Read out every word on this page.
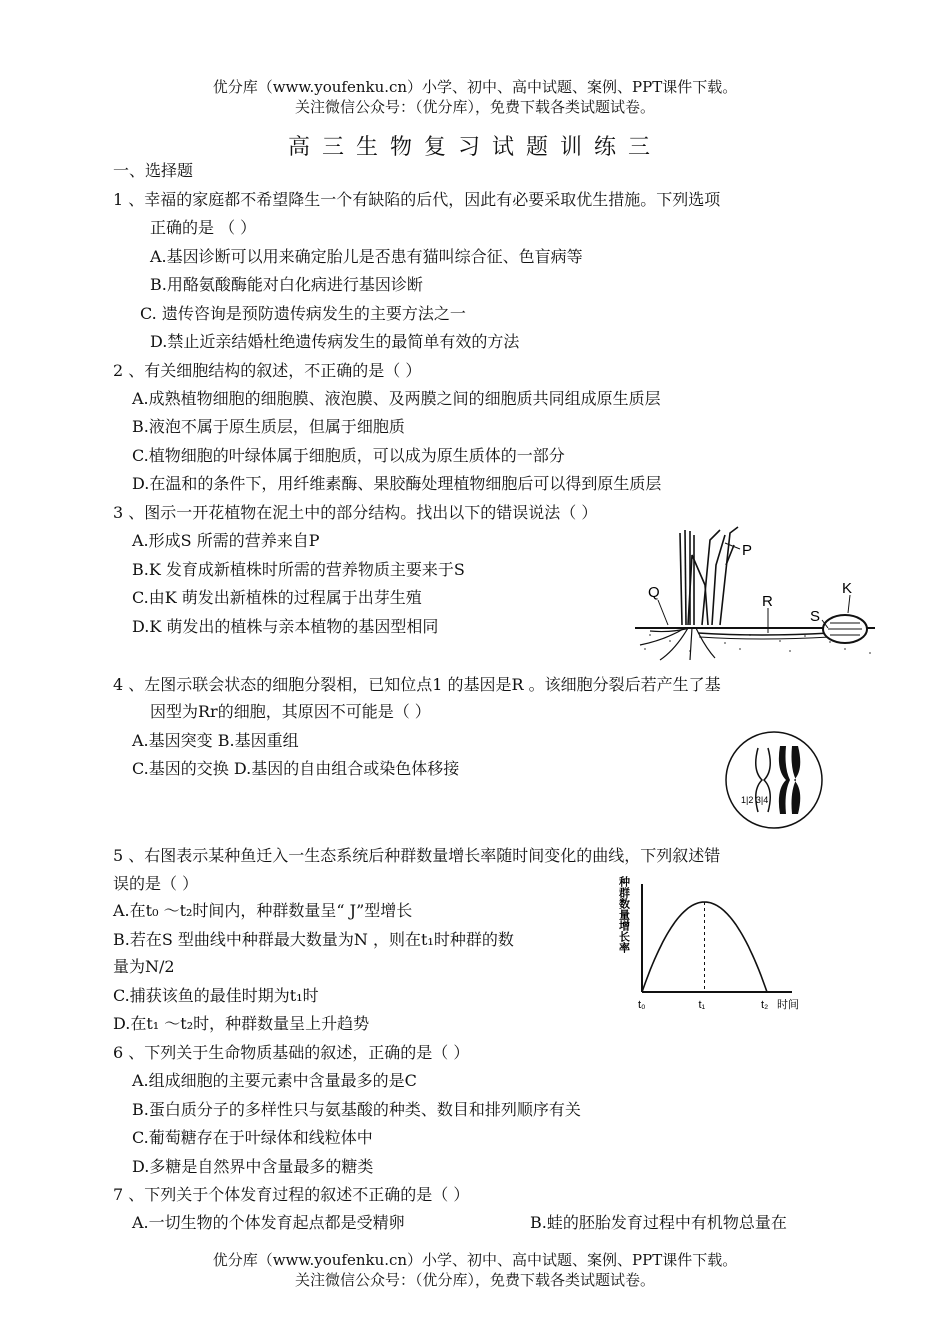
优分库（www.youfenku.cn）小学、初中、高中试题、案例、PPT课件下载。
关注微信公众号：（优分库），免费下载各类试题试卷。
高三生物复习试题训练三
一、选择题
1 、幸福的家庭都不希望降生一个有缺陷的后代，因此有必要采取优生措施。下列选项
正确的是 （ ）
A.基因诊断可以用来确定胎儿是否患有猫叫综合征、色盲病等
B.用酪氨酸酶能对白化病进行基因诊断
C. 遗传咨询是预防遗传病发生的主要方法之一
D.禁止近亲结婚杜绝遗传病发生的最简单有效的方法
2 、有关细胞结构的叙述，不正确的是（ ）
A.成熟植物细胞的细胞膜、液泡膜、及两膜之间的细胞质共同组成原生质层
B.液泡不属于原生质层，但属于细胞质
C.植物细胞的叶绿体属于细胞质，可以成为原生质体的一部分
D.在温和的条件下，用纤维素酶、果胶酶处理植物细胞后可以得到原生质层
3 、图示一开花植物在泥土中的部分结构。找出以下的错误说法（ ）
A.形成S 所需的营养来自P
B.K 发育成新植株时所需的营养物质主要来于S
C.由K 萌发出新植株的过程属于出芽生殖
D.K 萌发出的植株与亲本植物的基因型相同
P
Q
R
S
K
4 、左图示联会状态的细胞分裂相，已知位点1 的基因是R 。该细胞分裂后若产生了基
因型为Rr的细胞，其原因不可能是（ ）
A.基因突变 B.基因重组
C.基因的交换 D.基因的自由组合或染色体移接
1|2 3|4
5 、右图表示某种鱼迁入一生态系统后种群数量增长率随时间变化的曲线，下列叙述错
误的是（ ）
A.在t₀ ～t₂时间内，种群数量呈“ J”型增长
B.若在S 型曲线中种群最大数量为N ，则在t₁时种群的数
量为N/2
C.捕获该鱼的最佳时期为t₁时
D.在t₁ ～t₂时，种群数量呈上升趋势
种群数量增长率
时间
t₀	t₁	t₂
6 、下列关于生命物质基础的叙述，正确的是（ ）
A.组成细胞的主要元素中含量最多的是C
B.蛋白质分子的多样性只与氨基酸的种类、数目和排列顺序有关
C.葡萄糖存在于叶绿体和线粒体中
D.多糖是自然界中含量最多的糖类
7 、下列关于个体发育过程的叙述不正确的是（ ）
A.一切生物的个体发育起点都是受精卵	B.蛙的胚胎发育过程中有机物总量在
优分库（www.youfenku.cn）小学、初中、高中试题、案例、PPT课件下载。
关注微信公众号：（优分库），免费下载各类试题试卷。
